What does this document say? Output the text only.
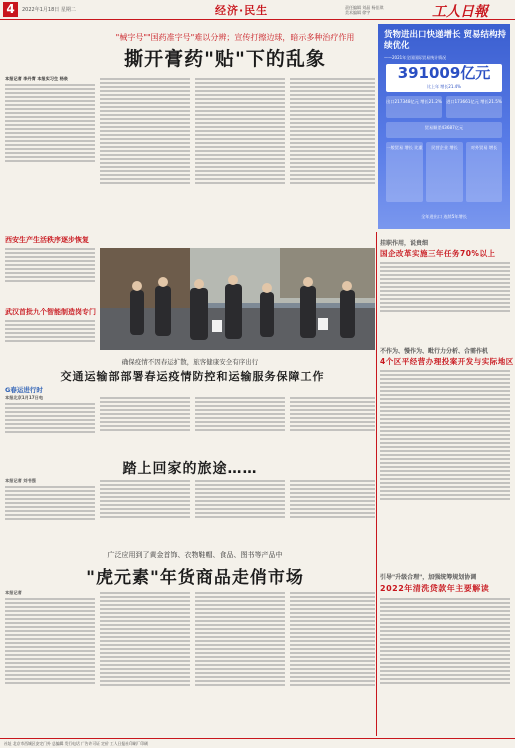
4	2022年1月18日 星期二	经济·民生	责任编辑 刘晶 杨佳琪
美术编辑 徐宇	工人日報
"械字号""国药准字号"难以分辨；宣传打擦边球，暗示多种治疗作用
撕开膏药"贴"下的乱象
本报记者 李丹青 本报实习生 杨泉
西安生产生活秩序逐步恢复
武汉首批九个智能制造岗专门
货物进出口快递增长 贸易结构持续优化
——2021年全国国际贸易统计情况
391009亿元
比上年 增长21.4%
出口217348亿元 增长21.2% 进口173661亿元 增长21.5%
贸易顺差43687亿元
一般贸易 增长 比重	民营企业 增长	对外贸易 增长
全年进出口 连续5年增长
挂职作用，说贵细
国企改革实施三年任务70%以上
不作为、慢作为、毗行力分析、合需作机
4个区平经营办理投案开发与实际地区
引导"升级合理"，加强统筹规划协调
2022年清洗贷款年主要解读
确保疫情不因春运扩散，旅客健康安全有序出行
交通运输部部署春运疫情防控和运输服务保障工作
G春运进行时
本报北京1月17日电
踏上回家的旅途……
本报记者 刘书强
广泛应用到了黄金首饰、衣物鞋帽、食品、图书等产品中
"虎元素"年货商品走俏市场
本报记者
社址 北京市西城区安定门外 总编辑 发行电话 广告许可证 定价 工人日报社印刷厂印刷
